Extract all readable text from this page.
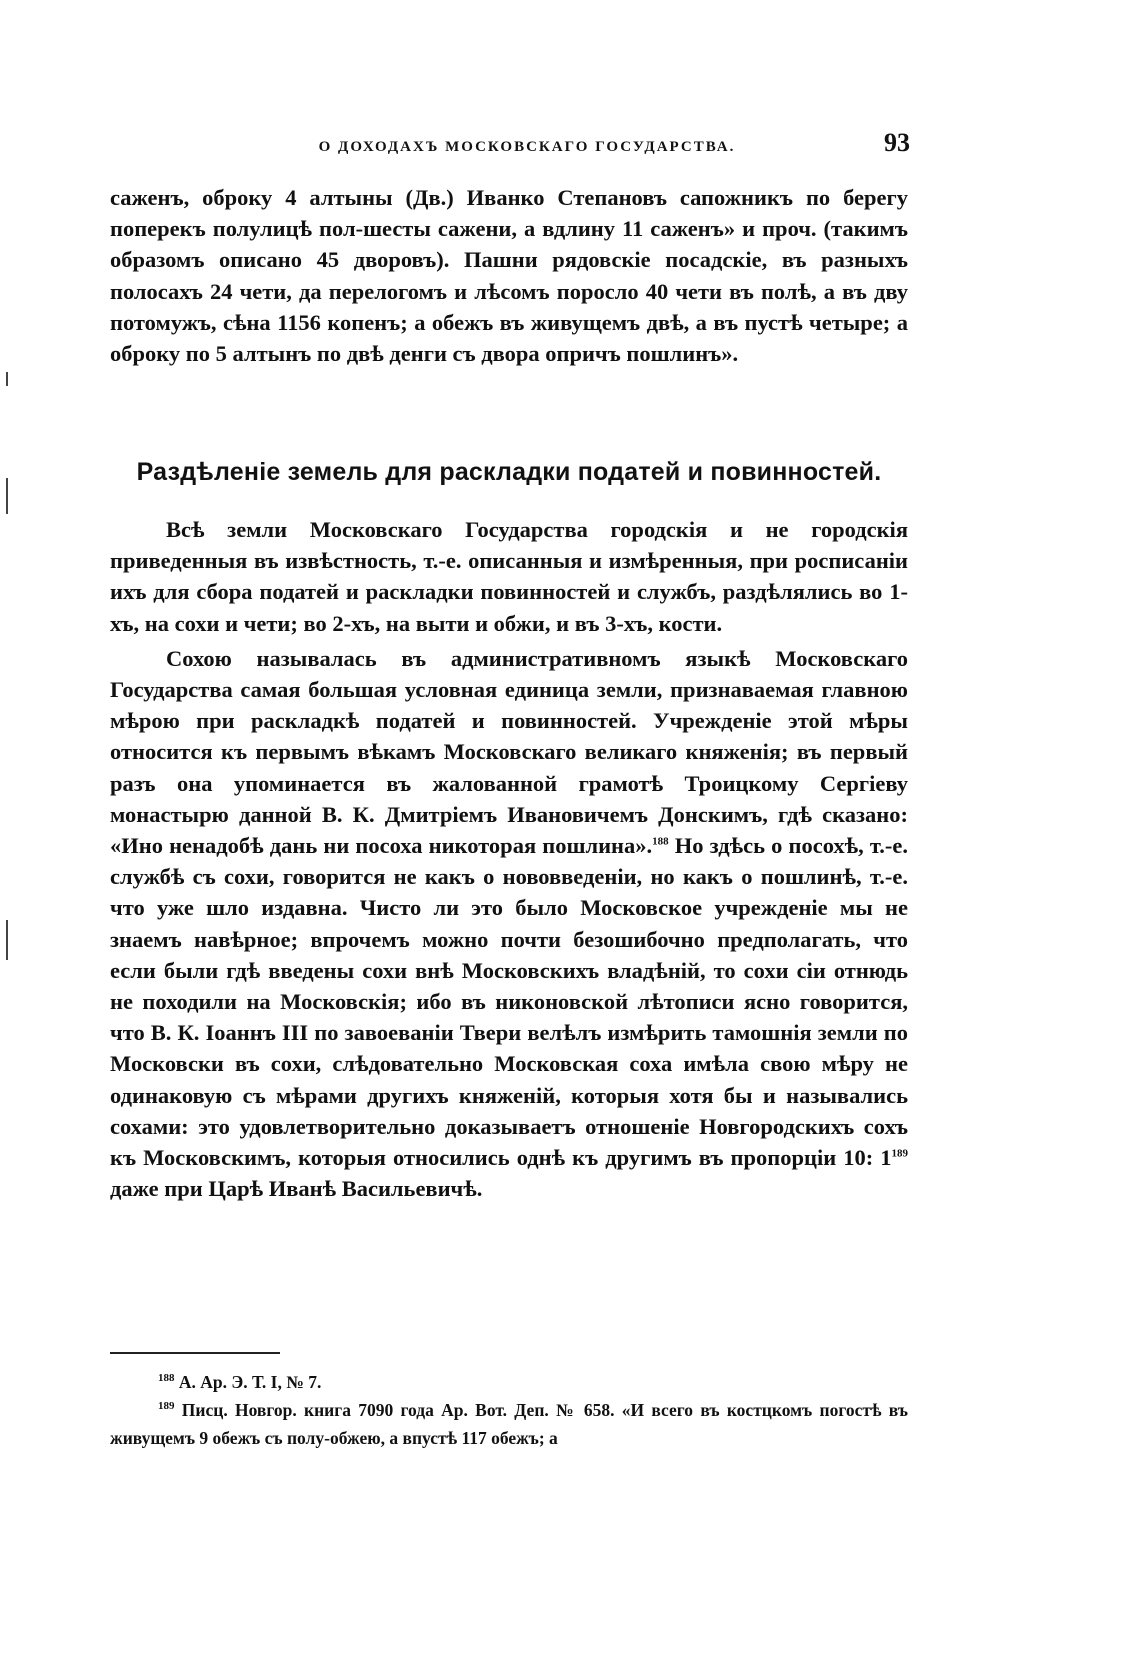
О ДОХОДАХЪ МОСКОВСКАГО ГОСУДАРСТВА.	93

саженъ, оброку 4 алтыны (Дв.) Иванко Степановъ сапожникъ по берегу поперекъ полулицѣ пол-шесты сажени, а вдлину 11 саженъ» и проч. (такимъ образомъ описано 45 дворовъ). Пашни рядовскіе посадскіе, въ разныхъ полосахъ 24 чети, да перелогомъ и лѣсомъ поросло 40 чети въ полѣ, а въ дву потомужъ, сѣна 1156 копенъ; а обежъ въ живущемъ двѣ, а въ пустѣ четыре; а оброку по 5 алтынъ по двѣ денги съ двора опричъ пошлинъ».

Раздѣленіе земель для раскладки податей и повинностей.

Всѣ земли Московскаго Государства городскія и не городскія приведенныя въ извѣстность, т.-е. описанныя и измѣренныя, при росписаніи ихъ для сбора податей и раскладки повинностей и службъ, раздѣлялись во 1-хъ, на сохи и чети; во 2-хъ, на выти и обжи, и въ 3-хъ, кости.

Сохою называлась въ административномъ языкѣ Московскаго Государства самая большая условная единица земли, признаваемая главною мѣрою при раскладкѣ податей и повинностей. Учрежденіе этой мѣры относится къ первымъ вѣкамъ Московскаго великаго княженія; въ первый разъ она упоминается въ жалованной грамотѣ Троицкому Сергіеву монастырю данной В. К. Дмитріемъ Ивановичемъ Донскимъ, гдѣ сказано: «Ино ненадобѣ дань ни посоха никоторая пошлина».$^{188}$ Но здѣсь о посохѣ, т.-е. службѣ съ сохи, говорится не какъ о нововведеніи, но какъ о пошлинѣ, т.-е. что уже шло издавна. Чисто ли это было Московское учрежденіе мы не знаемъ навѣрное; впрочемъ можно почти безошибочно предполагать, что если были гдѣ введены сохи внѣ Московскихъ владѣній, то сохи сіи отнюдь не походили на Московскія; ибо въ никоновской лѣтописи ясно говорится, что В. К. Іоаннъ III по завоеваніи Твери велѣлъ измѣрить тамошнія земли по Московски въ сохи, слѣдовательно Московская соха имѣла свою мѣру не одинаковую съ мѣрами другихъ княженій, которыя хотя бы и назывались сохами: это удовлетворительно доказываетъ отношеніе Новгородскихъ сохъ къ Московскимъ, которыя относились однѣ къ другимъ въ пропорціи 10: $1^{189}$ даже при Царѣ Иванѣ Васильевичѣ.

$^{188}$ А. Ар. Э. Т. I, № 7.

$^{189}$ Писц. Новгор. книга 7090 года Ар. Вот. Деп. № 658. «И всего въ костцкомъ погостѣ въ живущемъ 9 обежъ съ полу-обжею, а впустѣ 117 обежъ; а
